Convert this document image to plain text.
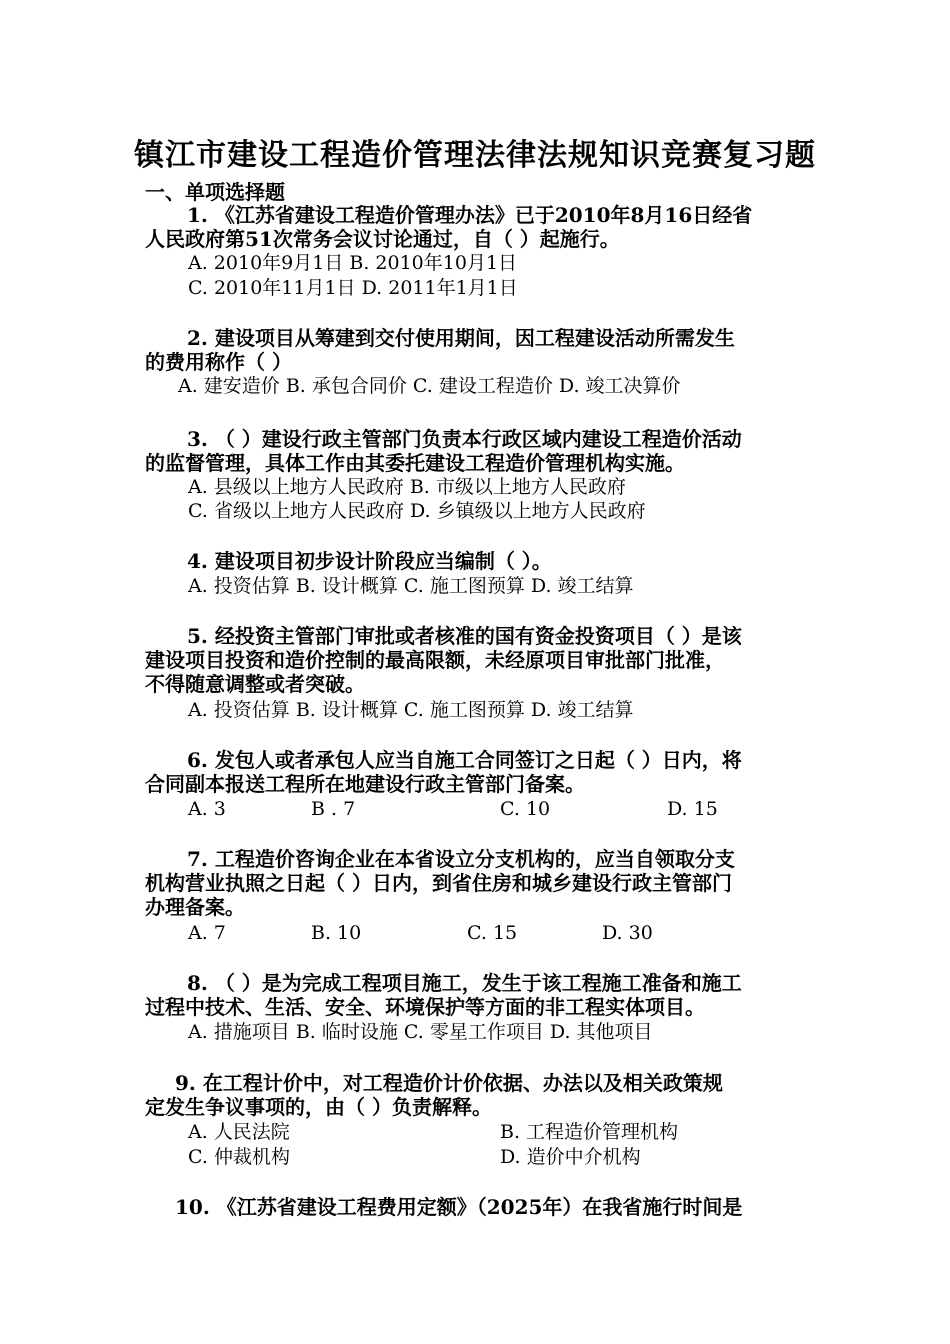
镇江市建设工程造价管理法律法规知识竞赛复习题
一、单项选择题
1. 《江苏省建设工程造价管理办法》已于2010年8月16日经省
人民政府第51次常务会议讨论通过，自（ ）起施行。
A. 2010年9月1日 B. 2010年10月1日
C. 2010年11月1日 D. 2011年1月1日
2. 建设项目从筹建到交付使用期间，因工程建设活动所需发生
的费用称作（ ）
A. 建安造价 B. 承包合同价 C. 建设工程造价 D. 竣工决算价
3. （ ）建设行政主管部门负责本行政区域内建设工程造价活动
的监督管理，具体工作由其委托建设工程造价管理机构实施。
A. 县级以上地方人民政府 B. 市级以上地方人民政府
C. 省级以上地方人民政府 D. 乡镇级以上地方人民政府
4. 建设项目初步设计阶段应当编制（ ）。
A. 投资估算 B. 设计概算 C. 施工图预算 D. 竣工结算
5. 经投资主管部门审批或者核准的国有资金投资项目（ ）是该
建设项目投资和造价控制的最高限额，未经原项目审批部门批准，
不得随意调整或者突破。
A. 投资估算 B. 设计概算 C. 施工图预算 D. 竣工结算
6. 发包人或者承包人应当自施工合同签订之日起（ ）日内，将
合同副本报送工程所在地建设行政主管部门备案。
A. 3	B . 7	C. 10	D. 15
7. 工程造价咨询企业在本省设立分支机构的，应当自领取分支
机构营业执照之日起（ ）日内，到省住房和城乡建设行政主管部门
办理备案。
A. 7	B. 10	C. 15	D. 30
8. （ ）是为完成工程项目施工，发生于该工程施工准备和施工
过程中技术、生活、安全、环境保护等方面的非工程实体项目。
A. 措施项目 B. 临时设施 C. 零星工作项目 D. 其他项目
9. 在工程计价中，对工程造价计价依据、办法以及相关政策规
定发生争议事项的，由（ ）负责解释。
A. 人民法院	B. 工程造价管理机构
C. 仲裁机构	D. 造价中介机构
10. 《江苏省建设工程费用定额》（2025年）在我省施行时间是
